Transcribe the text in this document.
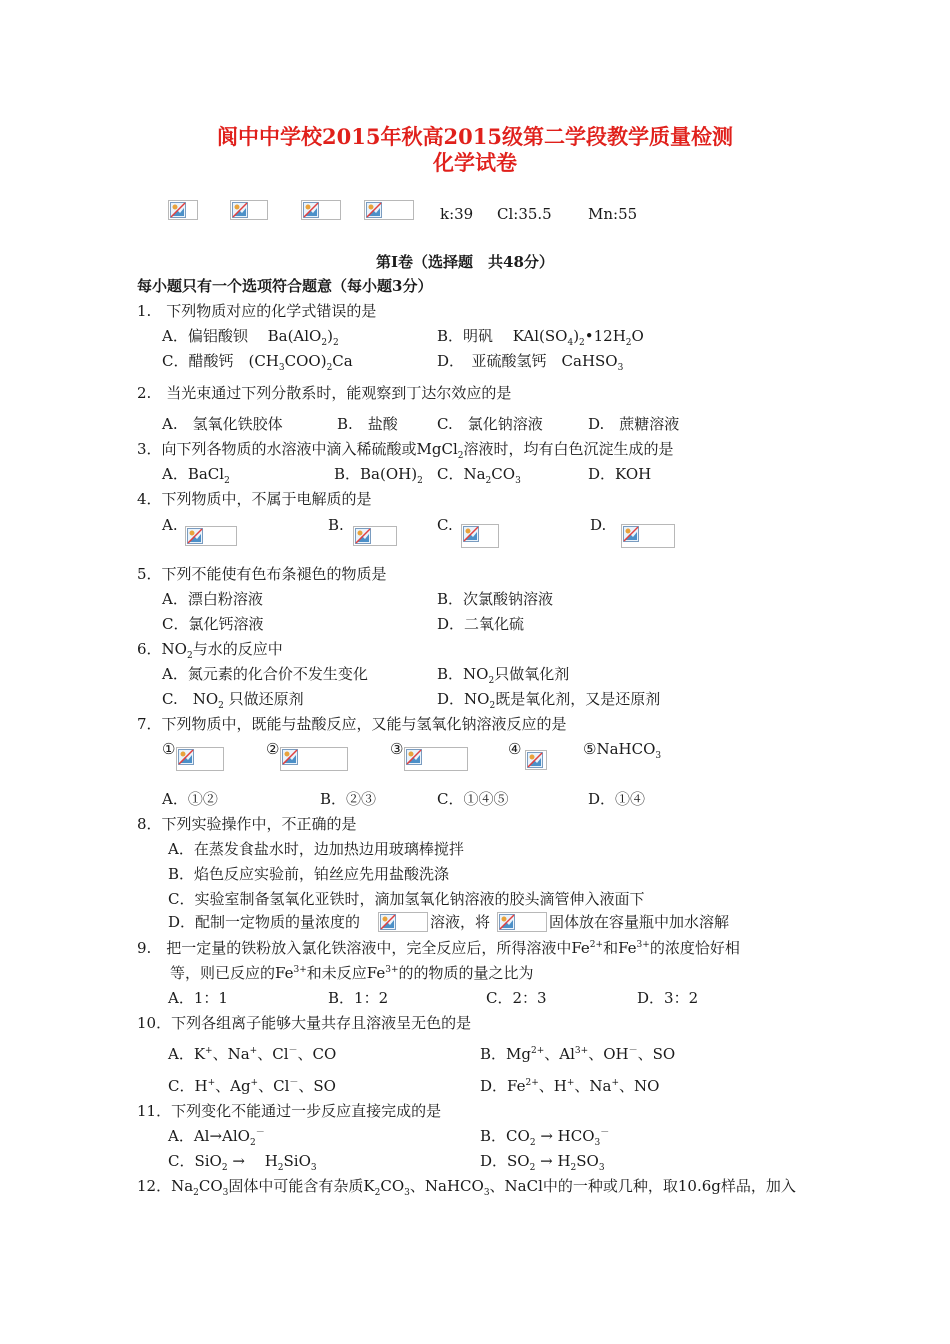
阆中中学校2015年秋高2015级第二学段教学质量检测
化学试卷
k:39 Cl:35.5 Mn:55
第I卷（选择题　共48分）
每小题只有一个选项符合题意（每小题3分）
1.　下列物质对应的化学式错误的是
A．偏铝酸钡　 $Ba(AlO_2)_2$	B．明矾　 $KAl(SO_4)_2•12H_2O$
C．醋酸钙　$(CH_3COO)_2Ca$	D．　亚硫酸氢钙　CaHSO$_3$
2.　当光束通过下列分散系时，能观察到丁达尔效应的是
A.　氢氧化铁胶体	B.　盐酸	C.　氯化钠溶液	D.　蔗糖溶液
3．向下列各物质的水溶液中滴入稀硫酸或MgCl$_2$溶液时，均有白色沉淀生成的是
A．BaCl$_2$	B．$Ba(OH)_2$ C．$Na_2CO_3$	D．KOH
4．下列物质中，不属于电解质的是
A.	B.	C.	D.
5．下列不能使有色布条褪色的物质是
A．漂白粉溶液	B．次氯酸钠溶液
C．氯化钙溶液	D．二氧化硫
6．$NO_2$与水的反应中
A．氮元素的化合价不发生变化	B．$NO_2$只做氧化剂
C.　$NO_2$ 只做还原剂	D．$NO_2$既是氧化剂，又是还原剂
7．下列物质中，既能与盐酸反应，又能与氢氧化钠溶液反应的是
①	②	③	④	⑤NaHCO$_3$
A．①②	B．②③	C．①④⑤	D．①④
8．下列实验操作中，不正确的是
A．在蒸发食盐水时，边加热边用玻璃棒搅拌
B．焰色反应实验前，铂丝应先用盐酸洗涤
C．实验室制备氢氧化亚铁时，滴加氢氧化钠溶液的胶头滴管伸入液面下
D．配制一定物质的量浓度的	溶液，将	固体放在容量瓶中加水溶解
9.　把一定量的铁粉放入氯化铁溶液中，完全反应后，所得溶液中$Fe^{2+}$和$Fe^{3+}$的浓度恰好相
等，则已反应的$Fe^{3+}$和未反应$Fe^{3+}$的的物质的量之比为
A．1：1	B．1：2	C．2：3	D．3：2
10．下列各组离子能够大量共存且溶液呈无色的是
A．K+、Na+、Cl－、CO	B．$Mg^{2+}$、$Al^{3+}$、OH－、SO
C．H+、Ag+、Cl－、SO	D．$Fe^{2+}$、H+、Na+、NO
11．下列变化不能通过一步反应直接完成的是
A．Al→AlO$_2$－	B．$CO_2 \to HCO_3^-$
C．SiO$_2$ → 　$H_2SiO_3$	D．$SO_2 \to H_2SO_3$
12．$Na_2CO_3$固体中可能含有杂质$K_2CO_3$、NaHCO$_3$、NaCl中的一种或几种，取10.6g样品，加入
